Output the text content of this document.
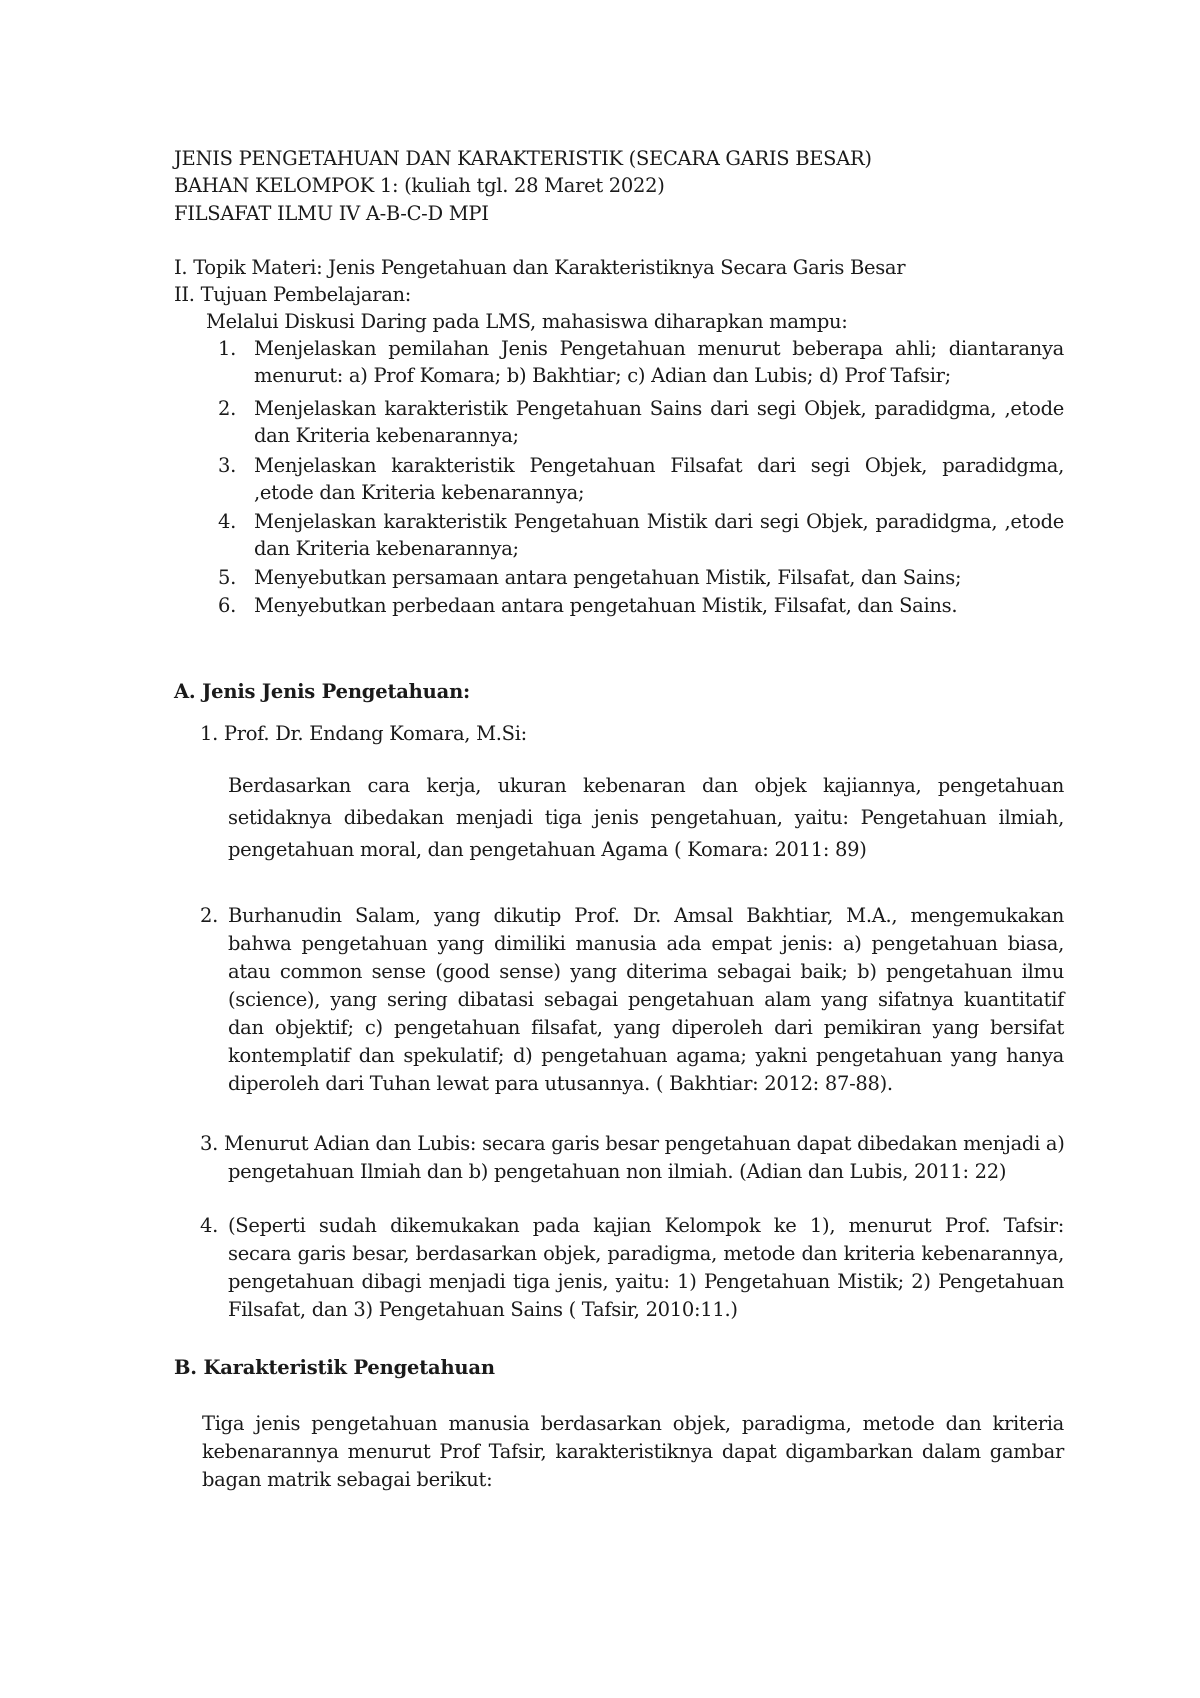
JENIS PENGETAHUAN DAN KARAKTERISTIK (SECARA GARIS BESAR)
BAHAN KELOMPOK 1: (kuliah tgl. 28 Maret 2022)
FILSAFAT ILMU IV A-B-C-D MPI
I. Topik Materi: Jenis Pengetahuan dan Karakteristiknya Secara Garis Besar
II. Tujuan Pembelajaran:
Melalui Diskusi Daring pada LMS, mahasiswa diharapkan mampu:
1. Menjelaskan pemilahan Jenis Pengetahuan menurut beberapa ahli; diantaranya
menurut: a) Prof Komara; b) Bakhtiar; c) Adian dan Lubis; d) Prof Tafsir;
2. Menjelaskan karakteristik Pengetahuan Sains dari segi Objek, paradidgma, ,etode
dan Kriteria kebenarannya;
3. Menjelaskan karakteristik Pengetahuan Filsafat dari segi Objek, paradidgma,
,etode dan Kriteria kebenarannya;
4. Menjelaskan karakteristik Pengetahuan Mistik dari segi Objek, paradidgma, ,etode
dan Kriteria kebenarannya;
5. Menyebutkan persamaan antara pengetahuan Mistik, Filsafat, dan Sains;
6. Menyebutkan perbedaan antara pengetahuan Mistik, Filsafat, dan Sains.
A. Jenis Jenis Pengetahuan:
1. Prof. Dr. Endang Komara, M.Si:
Berdasarkan cara kerja, ukuran kebenaran dan objek kajiannya, pengetahuan
setidaknya dibedakan menjadi tiga jenis pengetahuan, yaitu: Pengetahuan ilmiah,
pengetahuan moral, dan pengetahuan Agama ( Komara: 2011: 89)
2. Burhanudin Salam, yang dikutip Prof. Dr. Amsal Bakhtiar, M.A., mengemukakan
bahwa pengetahuan yang dimiliki manusia ada empat jenis: a) pengetahuan biasa,
atau common sense (good sense) yang diterima sebagai baik; b) pengetahuan ilmu
(science), yang sering dibatasi sebagai pengetahuan alam yang sifatnya kuantitatif
dan objektif; c) pengetahuan filsafat, yang diperoleh dari pemikiran yang bersifat
kontemplatif dan spekulatif; d) pengetahuan agama; yakni pengetahuan yang hanya
diperoleh dari Tuhan lewat para utusannya. ( Bakhtiar: 2012: 87-88).
3. Menurut Adian dan Lubis: secara garis besar pengetahuan dapat dibedakan menjadi a)
pengetahuan Ilmiah dan b) pengetahuan non ilmiah. (Adian dan Lubis, 2011: 22)
4. (Seperti sudah dikemukakan pada kajian Kelompok ke 1), menurut Prof. Tafsir:
secara garis besar, berdasarkan objek, paradigma, metode dan kriteria kebenarannya,
pengetahuan dibagi menjadi tiga jenis, yaitu: 1) Pengetahuan Mistik; 2) Pengetahuan
Filsafat, dan 3) Pengetahuan Sains ( Tafsir, 2010:11.)
B. Karakteristik Pengetahuan
Tiga jenis pengetahuan manusia berdasarkan objek, paradigma, metode dan kriteria
kebenarannya menurut Prof Tafsir, karakteristiknya dapat digambarkan dalam gambar
bagan matrik sebagai berikut:
